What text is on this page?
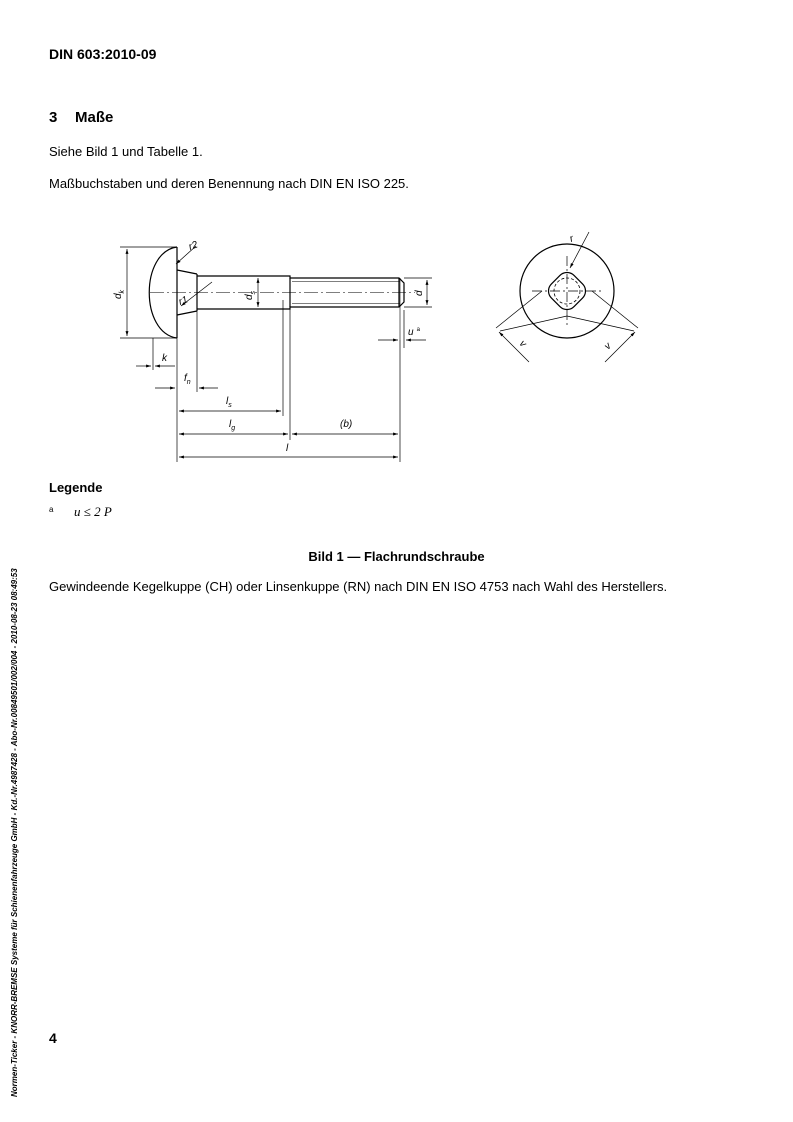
DIN 603:2010-09
3 Maße

Siehe Bild 1 und Tabelle 1.

Maßbuchstaben und deren Benennung nach DIN EN ISO 225.

$d_k$
r2
r1	$d_s$	d
u $^a$
k
$f_n$
$l_s$
$l_g$	(b)
l
r
v	v
Legende
a u ≤ 2 P
Bild 1 — Flachrundschraube

Gewindeende Kegelkuppe (CH) oder Linsenkuppe (RN) nach DIN EN ISO 4753 nach Wahl des Herstellers.

4
Normen-Ticker - KNORR-BREMSE Systeme für Schienenfahrzeuge GmbH - Kd.-Nr.4987428 - Abo-Nr.00849501/002/004 - 2010-08-23 08:49:53
